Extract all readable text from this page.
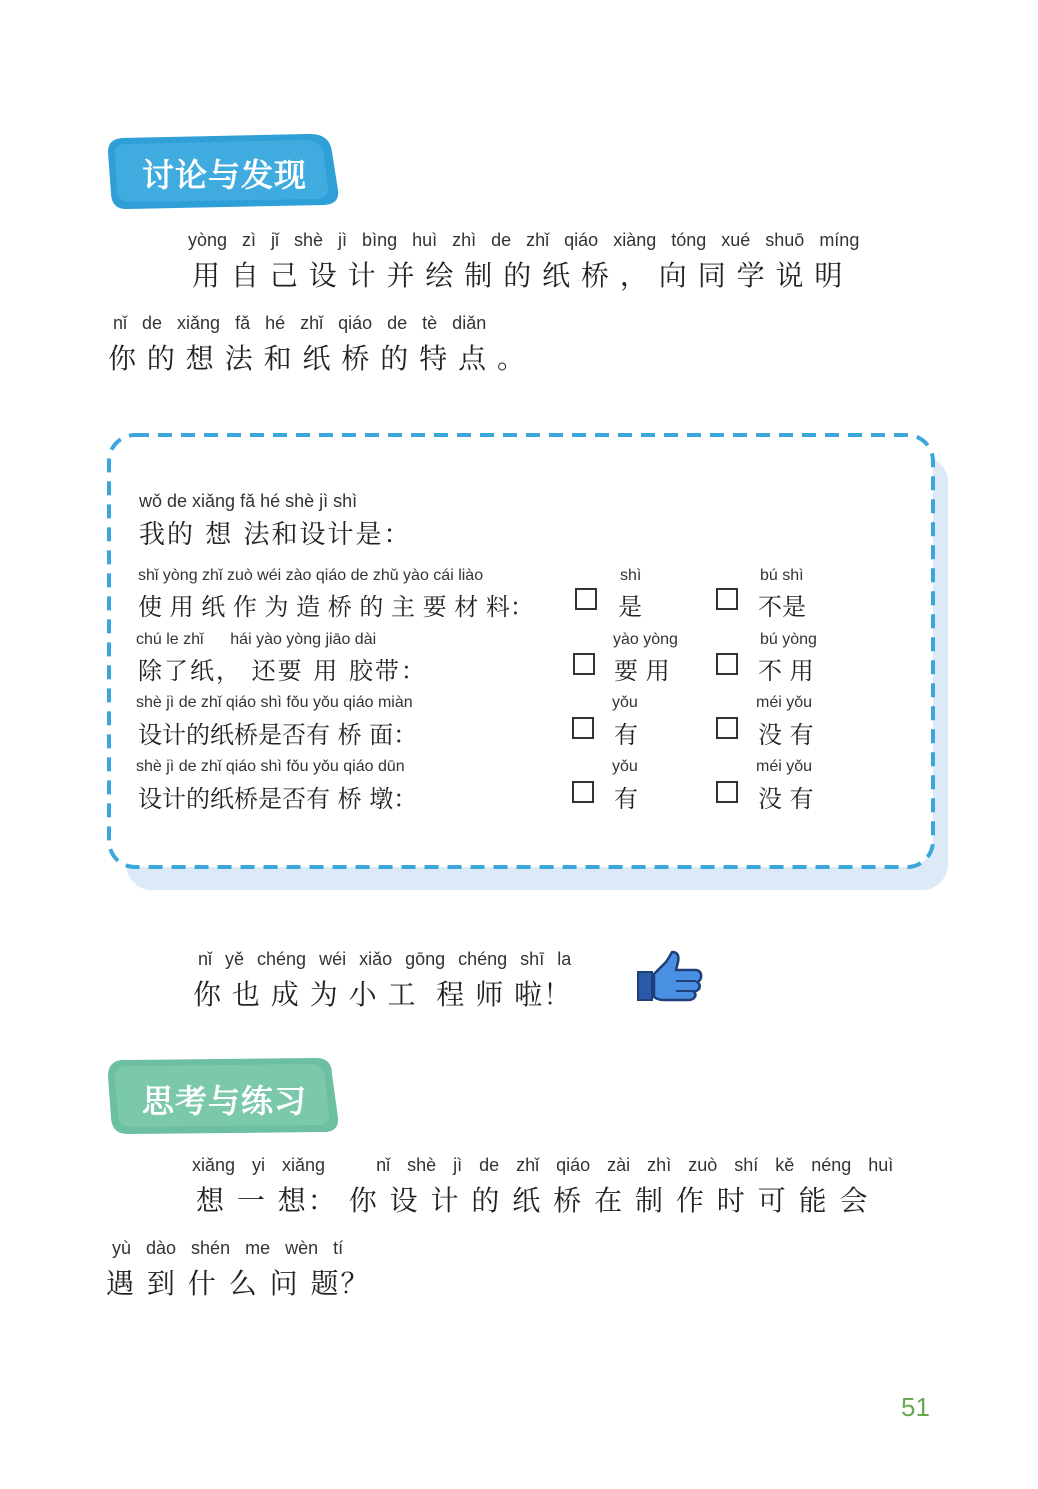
讨论与发现
yòng zì jǐ shè jì bìng huì zhì de zhǐ qiáo xiàng tóng xué shuō míng
用 自 己 设 计 并 绘 制 的 纸 桥 ， 向 同 学 说 明
nǐ de xiǎng fǎ hé zhǐ qiáo de tè diǎn
你 的 想 法 和 纸 桥 的 特 点 。
wǒ de xiǎng fǎ hé shè jì shì
我的 想 法和设计是：
shǐ yòng zhǐ zuò wéi zào qiáo de zhǔ yào cái liào
使 用 纸 作 为 造 桥 的 主 要 材 料：
shì
是
bú shì
不是
chú le zhǐ      hái yào yòng jiāo dài
除了纸， 还要 用 胶带：
yào yòng
要 用
bú yòng
不 用
shè jì de zhǐ qiáo shì fǒu yǒu qiáo miàn
设计的纸桥是否有 桥 面：
yǒu
有
méi yǒu
没 有
shè jì de zhǐ qiáo shì fǒu yǒu qiáo dūn
设计的纸桥是否有 桥 墩：
yǒu
有
méi yǒu
没 有
nǐ yě chéng wéi xiǎo gōng chéng shī la
你 也 成 为 小 工  程 师 啦！
思考与练习
xiǎng yi xiǎng   nǐ shè jì de zhǐ qiáo zài zhì zuò shí kě néng huì
想 一 想： 你 设 计 的 纸 桥 在 制 作 时 可 能 会
yù dào shén me wèn tí
遇 到 什 么 问 题？
51
